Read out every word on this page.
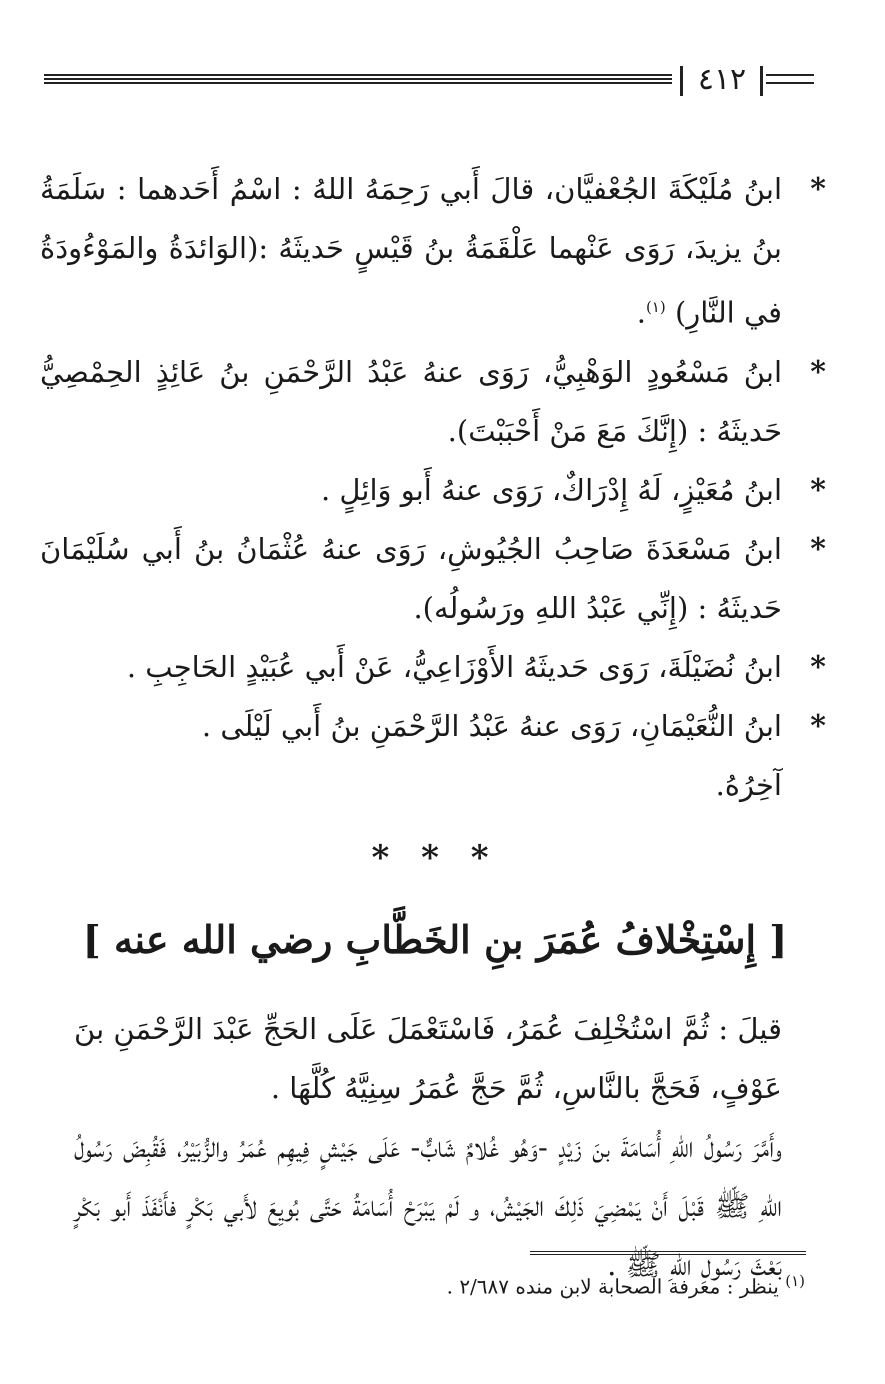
٤١٢

*
ابنُ مُلَيْكَةَ الجُعْفيَّان، قالَ أَبي رَحِمَهُ اللهُ : اسْمُ أَحَدهما : سَلَمَةُ بنُ يزيدَ، رَوَى عَنْهما عَلْقَمَةُ بنُ قَيْسٍ حَديثَهُ :(الوَائدَةُ والمَوْءُودَةُ في النَّارِ) $^{(١)}$.

*
ابنُ مَسْعُودٍ الوَهْبِيُّ، رَوَى عنهُ عَبْدُ الرَّحْمَنِ بنُ عَائِذٍ الحِمْصِيُّ حَديثَهُ : (إِنَّكَ مَعَ مَنْ أَحْبَبْتَ).

*
ابنُ مُعَيْزٍ، لَهُ إِدْرَاكٌ، رَوَى عنهُ أَبو وَائِلٍ .

*
ابنُ مَسْعَدَةَ صَاحِبُ الجُيُوشِ، رَوَى عنهُ عُثْمَانُ بنُ أَبي سُلَيْمَانَ حَديثَهُ : (إِنِّي عَبْدُ اللهِ ورَسُولُه).

*
ابنُ نُضَيْلَةَ، رَوَى حَديثَهُ الأَوْزَاعِيُّ، عَنْ أَبي عُبَيْدٍ الحَاجِبِ .

*
ابنُ النُّعَيْمَانِ، رَوَى عنهُ عَبْدُ الرَّحْمَنِ بنُ أَبي لَيْلَى .

آخِرُهُ.

* * *
[ إِسْتِخْلافُ عُمَرَ بنِ الخَطَّابِ رضي الله عنه ]

قيلَ : ثُمَّ اسْتُخْلِفَ عُمَرُ، فَاسْتَعْمَلَ عَلَى الحَجِّ عَبْدَ الرَّحْمَنِ بنَ عَوْفٍ، فَحَجَّ بالنَّاسِ، ثُمَّ حَجَّ عُمَرُ سِنِيَّهُ كُلَّهَا .

وأَمَّرَ رَسُولُ اللهِ أُسَامَةَ بنَ زَيْدٍ -وَهُو غُلامٌ شَابٌّ- عَلَى جَيْشٍ فِيهِم عُمَرُ والزُّبَيْرُ، فَقُبِضَ رَسُولُ اللهِ ﷺ قَبْلَ أَنْ يَمْضِيَ ذَلِكَ الجَيْشُ، و لَمْ يَبْرَحْ أُسَامَةُ حَتَّى بُويِعَ لأَبي بَكْرٍ فأَنْفَذَ أَبو بَكْرٍ بَعْثَ رَسُولِ اللهِ ﷺ . $^{(١)}$ ينظر : معرفة الصحابة لابن منده ٢/٦٨٧ .
